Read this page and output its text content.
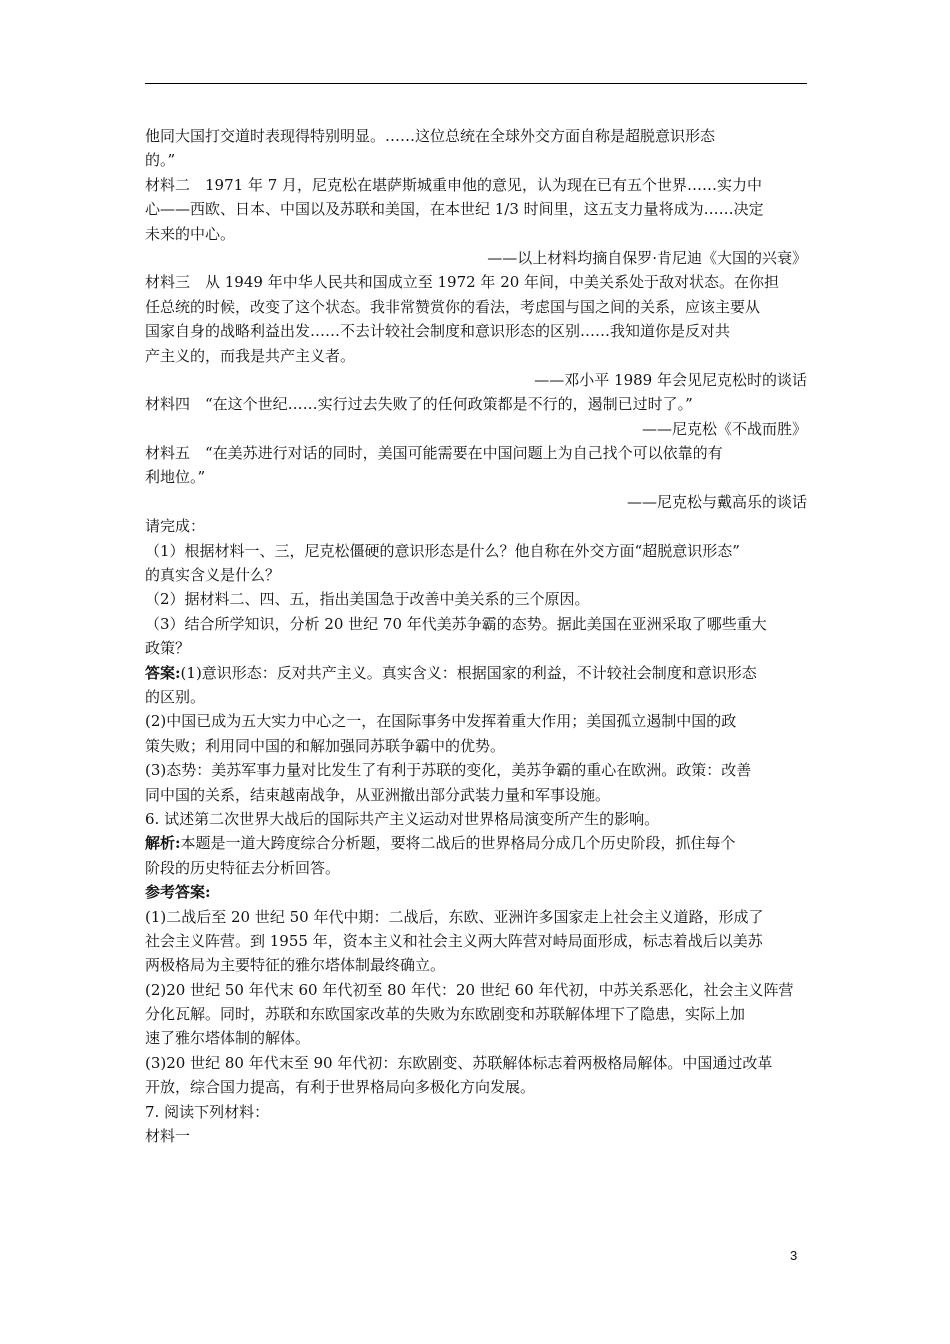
他同大国打交道时表现得特别明显。……这位总统在全球外交方面自称是超脱意识形态
的。”
材料二　1971 年 7 月，尼克松在堪萨斯城重申他的意见，认为现在已有五个世界……实力中
心——西欧、日本、中国以及苏联和美国，在本世纪 1/3 时间里，这五支力量将成为……决定
未来的中心。
——以上材料均摘自保罗·肯尼迪《大国的兴衰》
材料三　从 1949 年中华人民共和国成立至 1972 年 20 年间，中美关系处于敌对状态。在你担
任总统的时候，改变了这个状态。我非常赞赏你的看法，考虑国与国之间的关系，应该主要从
国家自身的战略利益出发……不去计较社会制度和意识形态的区别……我知道你是反对共
产主义的，而我是共产主义者。
——邓小平 1989 年会见尼克松时的谈话
材料四　“在这个世纪……实行过去失败了的任何政策都是不行的，遏制已过时了。”
——尼克松《不战而胜》
材料五　“在美苏进行对话的同时，美国可能需要在中国问题上为自己找个可以依靠的有
利地位。”
——尼克松与戴高乐的谈话
请完成：
（1）根据材料一、三，尼克松僵硬的意识形态是什么？他自称在外交方面“超脱意识形态”
的真实含义是什么？
（2）据材料二、四、五，指出美国急于改善中美关系的三个原因。
（3）结合所学知识，分析 20 世纪 70 年代美苏争霸的态势。据此美国在亚洲采取了哪些重大
政策？
答案:(1)意识形态：反对共产主义。真实含义：根据国家的利益，不计较社会制度和意识形态
的区别。
(2)中国已成为五大实力中心之一，在国际事务中发挥着重大作用；美国孤立遏制中国的政
策失败；利用同中国的和解加强同苏联争霸中的优势。
(3)态势：美苏军事力量对比发生了有利于苏联的变化，美苏争霸的重心在欧洲。政策：改善
同中国的关系，结束越南战争，从亚洲撤出部分武装力量和军事设施。
6. 试述第二次世界大战后的国际共产主义运动对世界格局演变所产生的影响。
解析:本题是一道大跨度综合分析题，要将二战后的世界格局分成几个历史阶段，抓住每个
阶段的历史特征去分析回答。
参考答案:
(1)二战后至 20 世纪 50 年代中期：二战后，东欧、亚洲许多国家走上社会主义道路，形成了
社会主义阵营。到 1955 年，资本主义和社会主义两大阵营对峙局面形成，标志着战后以美苏
两极格局为主要特征的雅尔塔体制最终确立。
(2)20 世纪 50 年代末 60 年代初至 80 年代：20 世纪 60 年代初，中苏关系恶化，社会主义阵营
分化瓦解。同时，苏联和东欧国家改革的失败为东欧剧变和苏联解体埋下了隐患，实际上加
速了雅尔塔体制的解体。
(3)20 世纪 80 年代末至 90 年代初：东欧剧变、苏联解体标志着两极格局解体。中国通过改革
开放，综合国力提高，有利于世界格局向多极化方向发展。
7. 阅读下列材料：
材料一
3
